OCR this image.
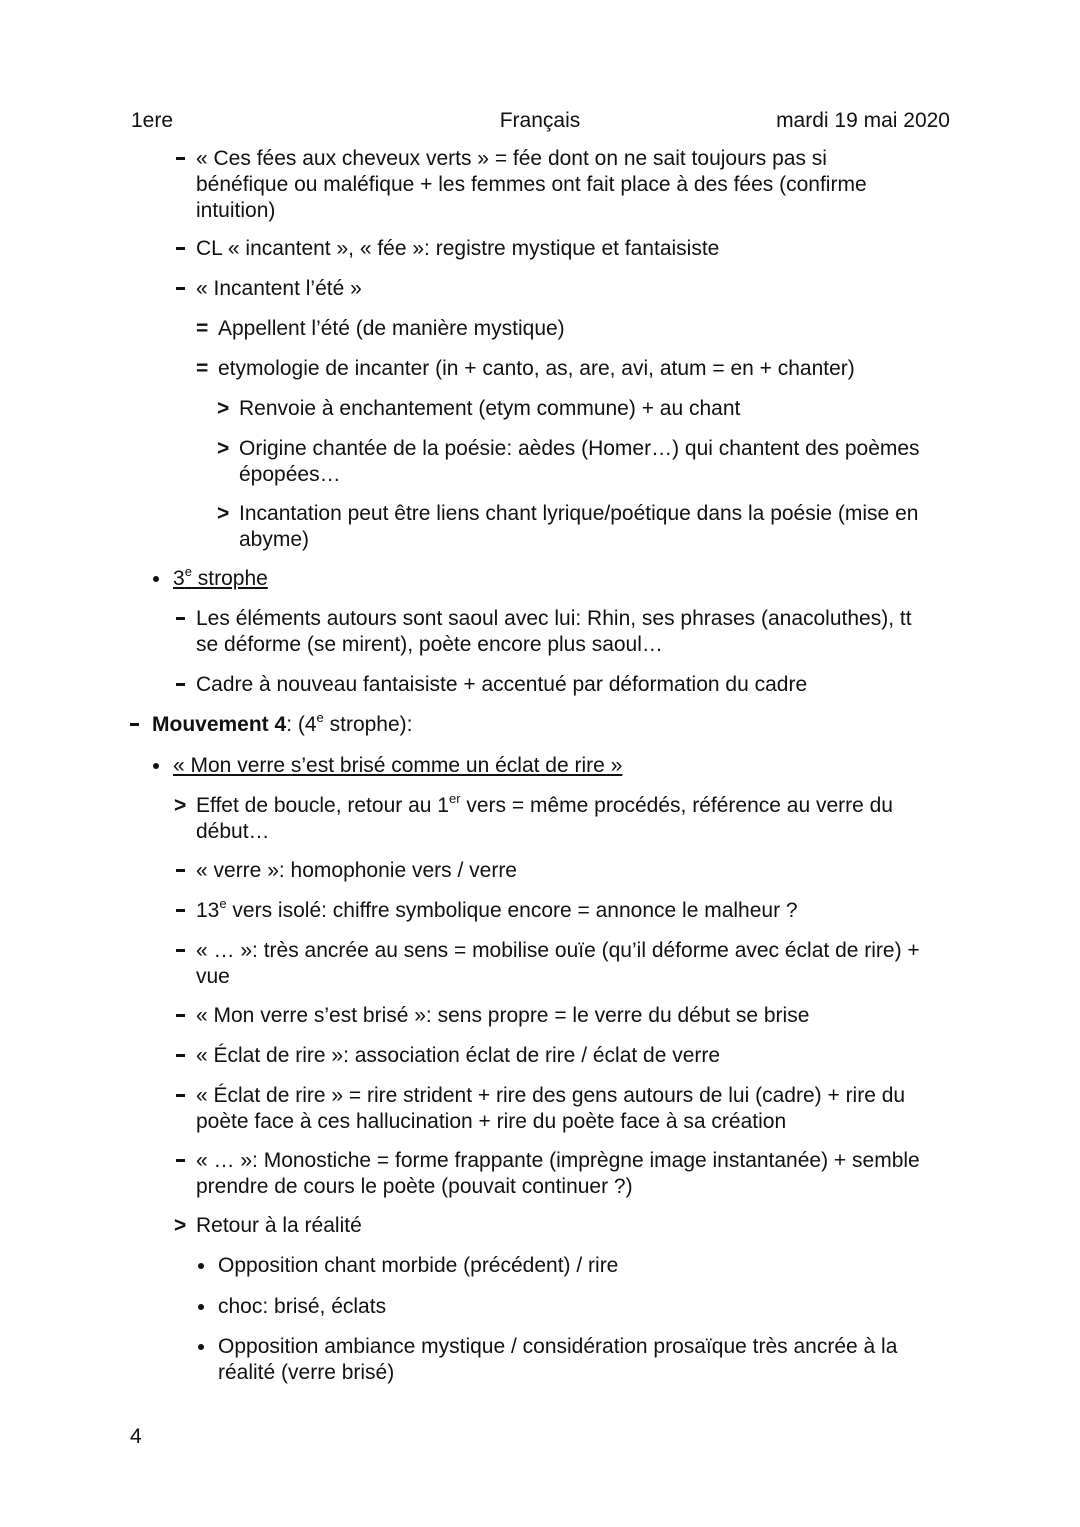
1ere	Français	mardi 19 mai 2020
« Ces fées aux cheveux verts » = fée dont on ne sait toujours pas si
bénéfique ou maléfique + les femmes ont fait place à des fées (confirme
intuition)
CL « incantent », « fée »: registre mystique et fantaisiste
« Incantent l’été »
= Appellent l’été (de manière mystique)
= etymologie de incanter (in + canto, as, are, avi, atum = en + chanter)
> Renvoie à enchantement (etym commune) + au chant
> Origine chantée de la poésie: aèdes (Homer…) qui chantent des poèmes
épopées…
> Incantation peut être liens chant lyrique/poétique dans la poésie (mise en
abyme)
3e strophe
Les éléments autours sont saoul avec lui: Rhin, ses phrases (anacoluthes), tt
se déforme (se mirent), poète encore plus saoul…
Cadre à nouveau fantaisiste + accentué par déformation du cadre
Mouvement 4: (4e strophe):
« Mon verre s’est brisé comme un éclat de rire »
> Effet de boucle, retour au 1er vers = même procédés, référence au verre du
début…
« verre »: homophonie vers / verre
13e vers isolé: chiffre symbolique encore = annonce le malheur ?
« … »: très ancrée au sens = mobilise ouïe (qu’il déforme avec éclat de rire) +
vue
« Mon verre s’est brisé »: sens propre = le verre du début se brise
« Éclat de rire »: association éclat de rire / éclat de verre
« Éclat de rire » = rire strident + rire des gens autours de lui (cadre) + rire du
poète face à ces hallucination + rire du poète face à sa création
« … »: Monostiche = forme frappante (imprègne image instantanée) + semble
prendre de cours le poète (pouvait continuer ?)
> Retour à la réalité
Opposition chant morbide (précédent) / rire
choc: brisé, éclats
Opposition ambiance mystique / considération prosaïque très ancrée à la
réalité (verre brisé)
4
